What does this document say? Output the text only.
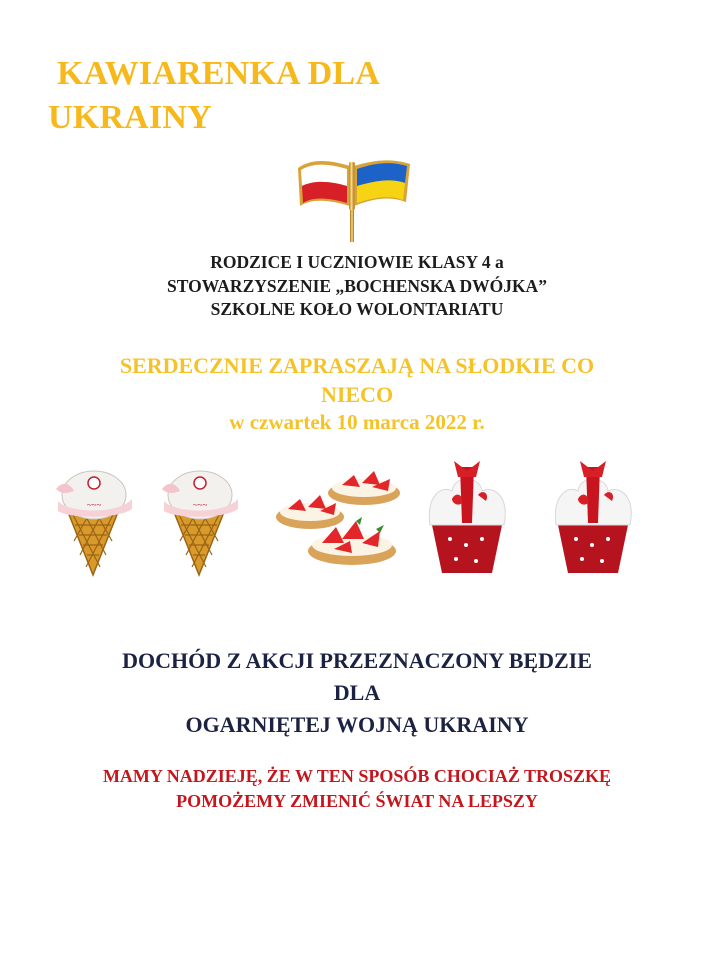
KAWIARENKA DLA
UKRAINY
RODZICE I UCZNIOWIE KLASY 4 a
STOWARZYSZENIE „BOCHENSKA DWÓJKA”
SZKOLNE KOŁO WOLONTARIATU
SERDECZNIE ZAPRASZAJĄ NA SŁODKIE CO
NIECO
w czwartek 10 marca 2022 r.
~~~	~~~
DOCHÓD Z AKCJI PRZEZNACZONY BĘDZIE
DLA
OGARNIĘTEJ WOJNĄ UKRAINY
MAMY NADZIEJĘ, ŻE W TEN SPOSÓB CHOCIAŻ TROSZKĘ
POMOŻEMY ZMIENIĆ ŚWIAT NA LEPSZY
